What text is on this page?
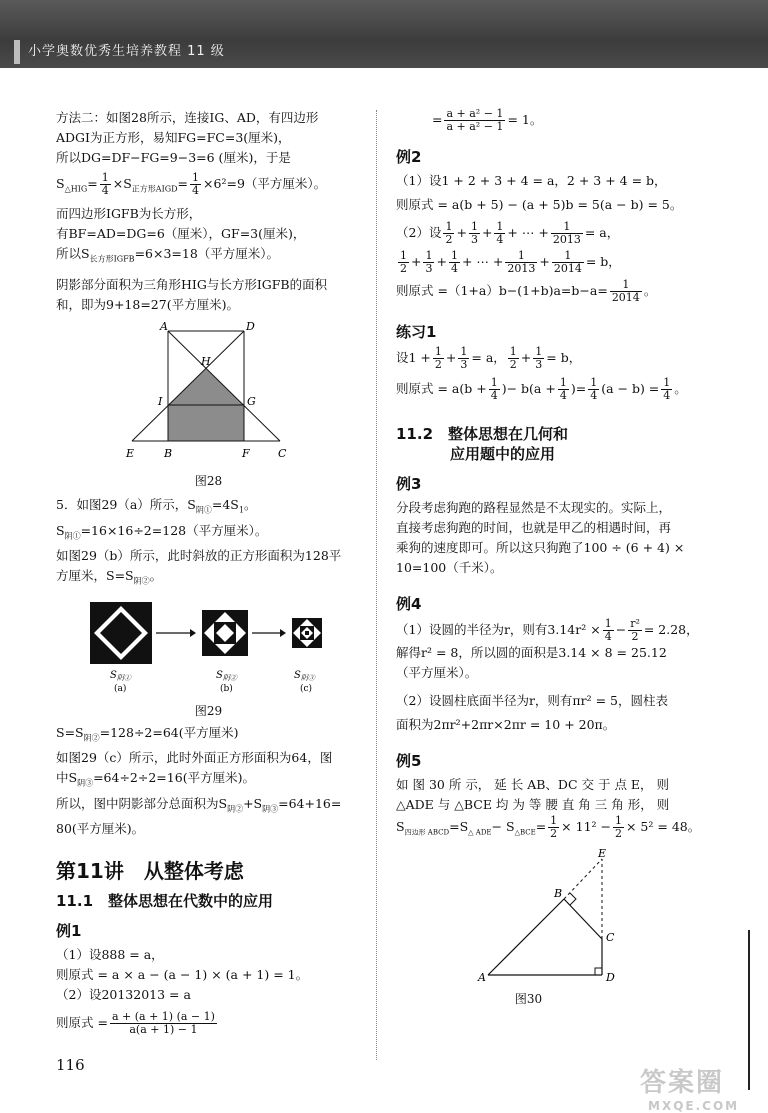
小学奥数优秀生培养教程 11 级

方法二：如图28所示，连接IG、AD，有四边形

ADGI为正方形，易知FG=FC=3(厘米)，

所以DG=DF−FG=9−3=6 (厘米)，于是

$S_{\triangle HIG}= \frac{1}{4} \times S_{正方形AIGD}= \frac{1}{4} \times 6^2=9$（平方厘米）。

而四边形IGFB为长方形，

有BF=AD=DG=6（厘米），GF=3(厘米)，

所以$S_{长方形IGFB}=6\times 3=18$（平方厘米）。

阴影部分面积为三角形HIG与长方形IGFB的面积

和，即为9+18=27(平方厘米)。

A	D
H
I	G
E	B	F	C
图28

5．如图29（a）所示，$S_{阴①}=4S_1$。

$S_{阴①}=16\times 16\div 2=128$（平方厘米）。

如图29（b）所示，此时斜放的正方形面积为128平

方厘米，$S=S_{阴②}$。

$S_{阴①}$
(a)
$S_{阴②}$
(b)
$S_{阴③}$
(c)
图29

$S=S_{阴②}=128\div 2=64$(平方厘米)

如图29（c）所示，此时外面正方形面积为64，图

中$S_{阴③}=64\div 2\div 2=16$(平方厘米)。

所以，图中阴影部分总面积为$S_{阴②}+S_{阴③}=64+16=$

80(平方厘米)。

第11讲　从整体考虑
11.1　整体思想在代数中的应用
例1

（1）设888 = a，

则原式 = a × a − (a − 1) × (a + 1) = 1。

（2）设20132013 = a

则原式 = $\frac{a + (a + 1) (a - 1)}{a(a + 1) - 1}$

= $\frac{\text{a + a² − 1}}{\text{a + a² − 1}} = 1$。

例2

（1）设1 + 2 + 3 + 4 = a，2 + 3 + 4 = b，

则原式 = a(b + 5) − (a + 5)b = 5(a − b) = 5。

（2）设 $\frac{1}{2} + \frac{1}{3} + \frac{1}{4}$ + ⋯ + $\frac{1}{2013} = a$，

$\frac{1}{2} + \frac{1}{3} + \frac{1}{4}$ + ⋯ + $\frac{1}{2013} + \frac{1}{2014} = b$，

则原式 $=(1+a)b-(1+b)a=b-a= \frac{1}{2014}$ 。

练习1

设$1 + \frac{1}{2} + \frac{1}{3} = a$， $\frac{1}{2} + \frac{1}{3} = b$，

则原式 = $a(b + \frac{1}{4}$ )− $b(a + \frac{1}{4}$ )= $\frac{1}{4} (a - b) = \frac{1}{4}$ 。

11.2　整体思想在几何和
应用题中的应用
例3

分段考虑狗跑的路程显然是不太现实的。实际上，

直接考虑狗跑的时间，也就是甲乙的相遇时间，再

乘狗的速度即可。所以这只狗跑了100 ÷ (6 + 4) ×

10=100（千米）。

例4

（1）设圆的半径为r，则有$3.14r^2 \times \frac{1}{4} - \frac{\text{r²}}{2} = 2.28$，

解得r² = 8，所以圆的面积是3.14 × 8 = 25.12

（平方厘米）。

（2）设圆柱底面半径为r，则有πr² = 5，圆柱表

面积为2πr²+2πr×2πr = 10 + 20π。

例5

如 图 30 所 示， 延 长 AB、DC 交 于 点 E， 则

△ADE 与 △BCE 均 为 等 腰 直 角 三 角 形， 则

$S_{四边形 ABCD}=S_{\triangle ADE}- S_{\triangle BCE}= \frac{1}{2} \times 11^2 - \frac{1}{2} \times 5^2 = 48$。

E
B
C
A	D
图30
116
答案圈
MXQE.COM
